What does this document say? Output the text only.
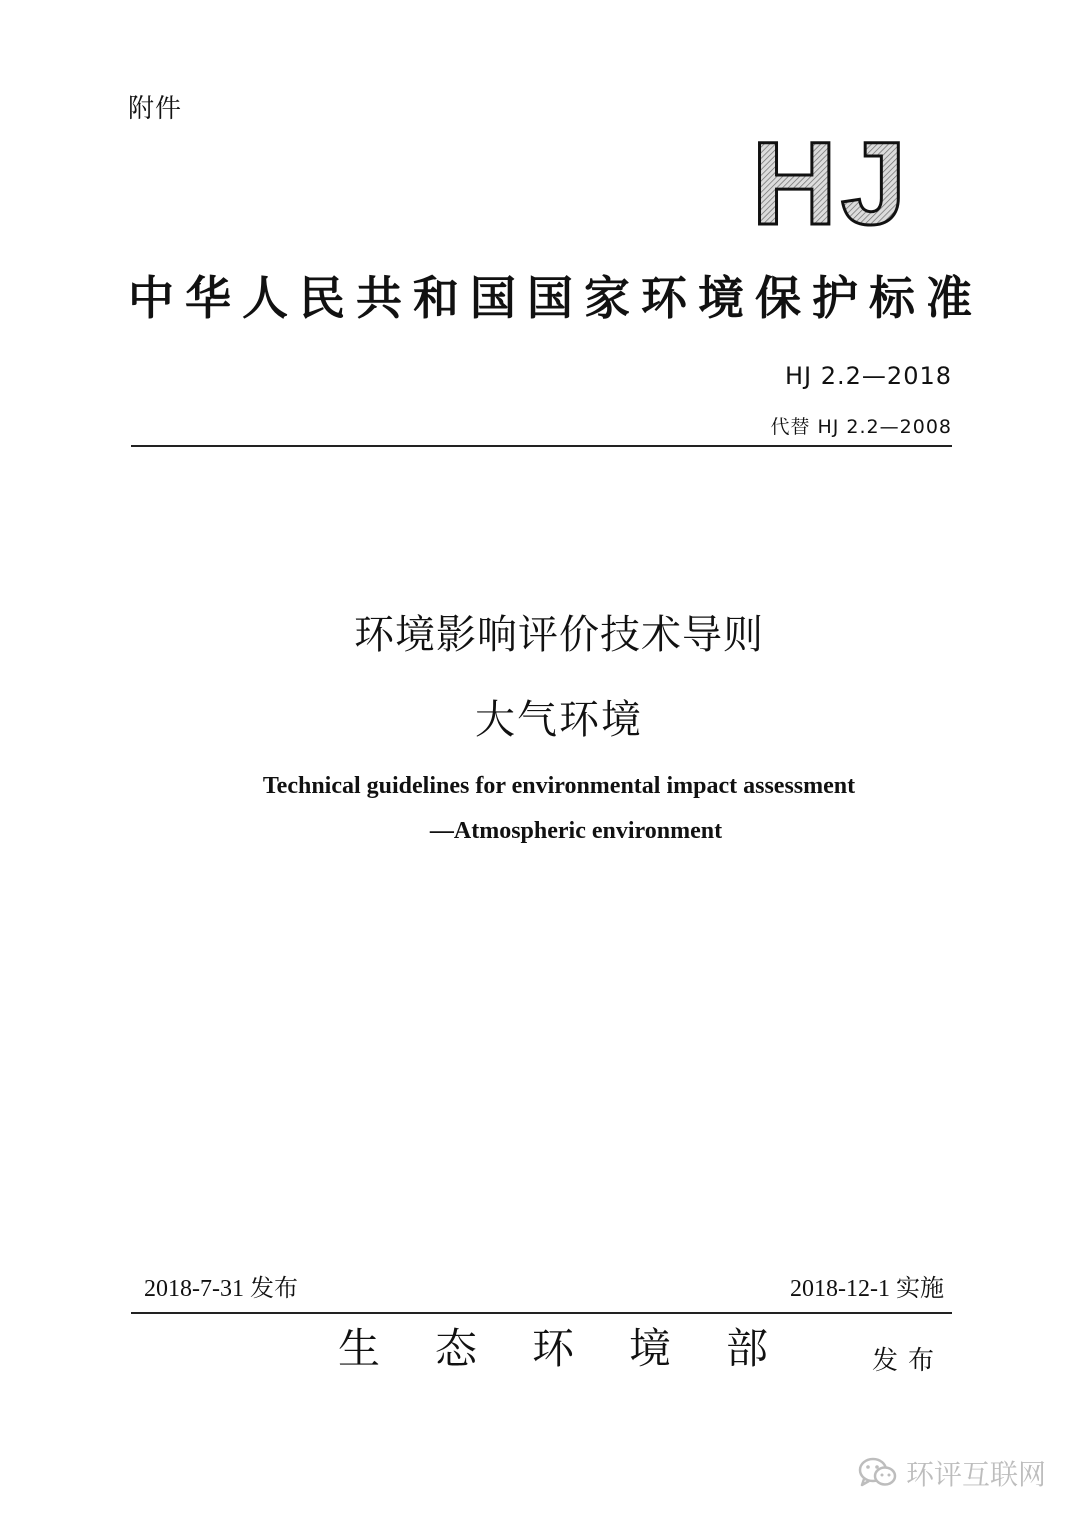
附件
HJ
中华人民共和国国家环境保护标准
HJ 2.2—2018
代替 HJ 2.2—2008
环境影响评价技术导则
大气环境
Technical guidelines for environmental impact assessment
—Atmospheric environment
2018-7-31 发布	2018-12-1 实施
生态环境部 发布
环评互联网
